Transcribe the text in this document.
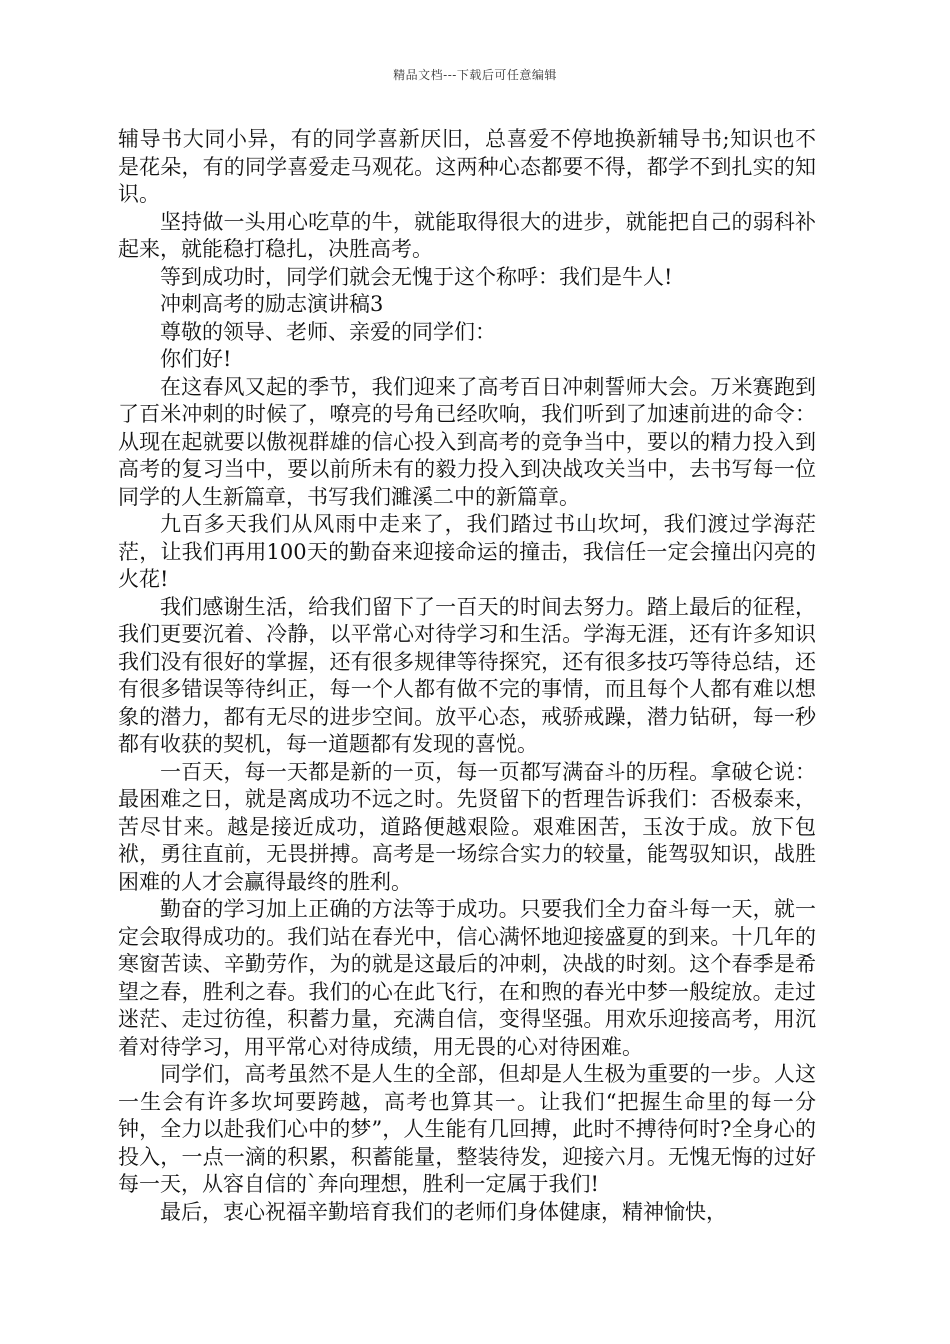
精品文档---下载后可任意编辑

辅导书大同小异，有的同学喜新厌旧，总喜爱不停地换新辅导书;知识也不是花朵，有的同学喜爱走马观花。这两种心态都要不得，都学不到扎实的知识。

坚持做一头用心吃草的牛，就能取得很大的进步，就能把自己的弱科补起来，就能稳打稳扎，决胜高考。

等到成功时，同学们就会无愧于这个称呼：我们是牛人!

冲刺高考的励志演讲稿3

尊敬的领导、老师、亲爱的同学们：

你们好!

在这春风又起的季节，我们迎来了高考百日冲刺誓师大会。万米赛跑到了百米冲刺的时候了，嘹亮的号角已经吹响，我们听到了加速前进的命令：从现在起就要以傲视群雄的信心投入到高考的竞争当中，要以的精力投入到高考的复习当中，要以前所未有的毅力投入到决战攻关当中，去书写每一位同学的人生新篇章，书写我们濉溪二中的新篇章。

九百多天我们从风雨中走来了，我们踏过书山坎坷，我们渡过学海茫茫，让我们再用100天的勤奋来迎接命运的撞击，我信任一定会撞出闪亮的火花!

我们感谢生活，给我们留下了一百天的时间去努力。踏上最后的征程，我们更要沉着、冷静，以平常心对待学习和生活。学海无涯，还有许多知识我们没有很好的掌握，还有很多规律等待探究，还有很多技巧等待总结，还有很多错误等待纠正，每一个人都有做不完的事情，而且每个人都有难以想象的潜力，都有无尽的进步空间。放平心态，戒骄戒躁，潜力钻研，每一秒都有收获的契机，每一道题都有发现的喜悦。

一百天，每一天都是新的一页，每一页都写满奋斗的历程。拿破仑说：最困难之日，就是离成功不远之时。先贤留下的哲理告诉我们：否极泰来，苦尽甘来。越是接近成功，道路便越艰险。艰难困苦，玉汝于成。放下包袱，勇往直前，无畏拼搏。高考是一场综合实力的较量，能驾驭知识，战胜困难的人才会赢得最终的胜利。

勤奋的学习加上正确的方法等于成功。只要我们全力奋斗每一天，就一定会取得成功的。我们站在春光中，信心满怀地迎接盛夏的到来。十几年的寒窗苦读、辛勤劳作，为的就是这最后的冲刺，决战的时刻。这个春季是希望之春，胜利之春。我们的心在此飞行，在和煦的春光中梦一般绽放。走过迷茫、走过彷徨，积蓄力量，充满自信，变得坚强。用欢乐迎接高考，用沉着对待学习，用平常心对待成绩，用无畏的心对待困难。

同学们，高考虽然不是人生的全部，但却是人生极为重要的一步。人这一生会有许多坎坷要跨越，高考也算其一。让我们“把握生命里的每一分钟，全力以赴我们心中的梦”，人生能有几回搏，此时不搏待何时?全身心的投入，一点一滴的积累，积蓄能量，整装待发，迎接六月。无愧无悔的过好每一天，从容自信的`奔向理想，胜利一定属于我们!

最后，衷心祝福辛勤培育我们的老师们身体健康，精神愉快，
